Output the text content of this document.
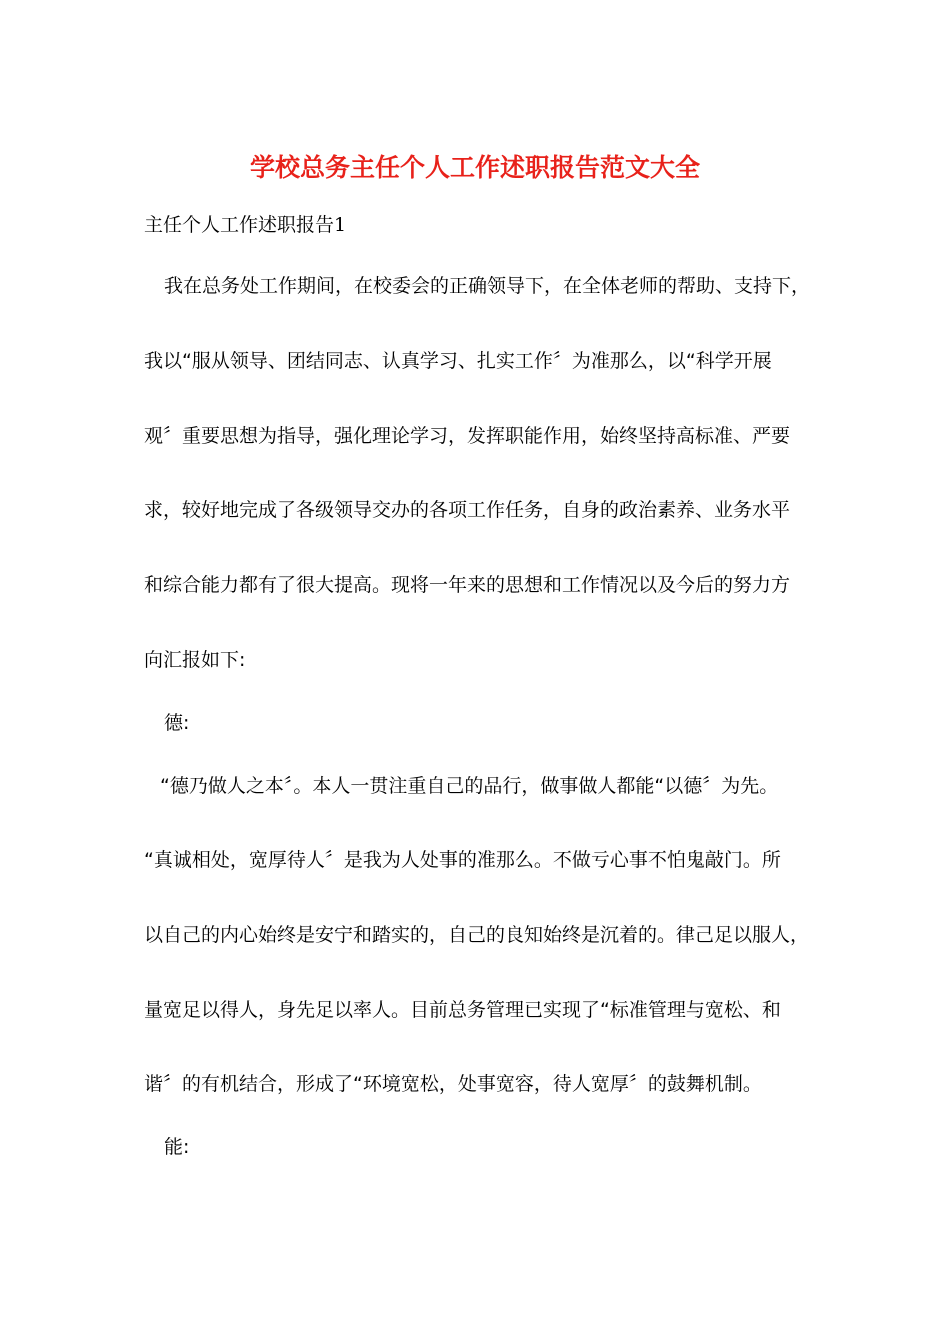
学校总务主任个人工作述职报告范文大全
主任个人工作述职报告1
我在总务处工作期间，在校委会的正确领导下，在全体老师的帮助、支持下，
我以“服从领导、团结同志、认真学习、扎实工作〞为准那么，以“科学开展
观〞重要思想为指导，强化理论学习，发挥职能作用，始终坚持高标准、严要
求，较好地完成了各级领导交办的各项工作任务，自身的政治素养、业务水平
和综合能力都有了很大提高。现将一年来的思想和工作情况以及今后的努力方
向汇报如下:
德:
“德乃做人之本〞。本人一贯注重自己的品行，做事做人都能“以德〞为先。
“真诚相处，宽厚待人〞是我为人处事的准那么。不做亏心事不怕鬼敲门。所
以自己的内心始终是安宁和踏实的，自己的良知始终是沉着的。律己足以服人，
量宽足以得人，身先足以率人。目前总务管理已实现了“标准管理与宽松、和
谐〞的有机结合，形成了“环境宽松，处事宽容，待人宽厚〞的鼓舞机制。
能:
